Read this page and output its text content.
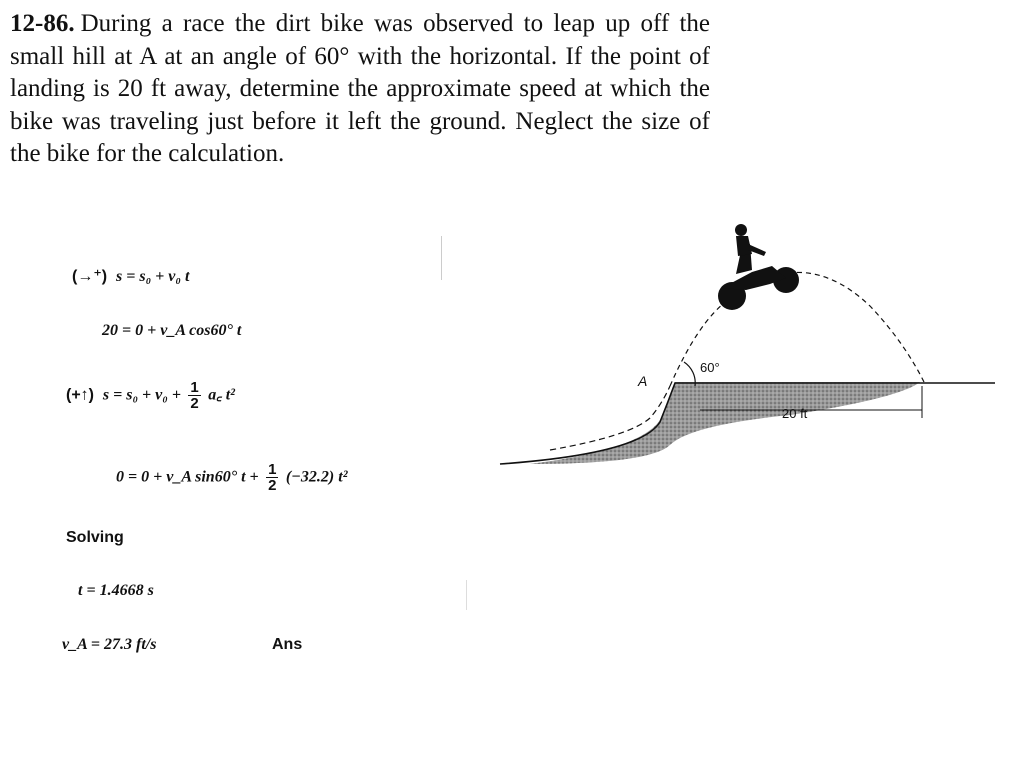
12-86. During a race the dirt bike was observed to leap up off the small hill at A at an angle of 60° with the horizontal. If the point of landing is 20 ft away, determine the approximate speed at which the bike was traveling just before it left the ground. Neglect the size of the bike for the calculation.
(→⁺) s = s₀ + v₀ t
20 = 0 + v_A cos60° t
(+↑) $s = s_0 + v_0 + \frac{1}{2}$ a꜀ t²
0 = 0 + v_A sin60° $t + \frac{1}{2} (-32.2)$ t²
Solving
t = 1.4668 s
v_A = 27.3 ft/s	Ans
A
60°
20 ft
